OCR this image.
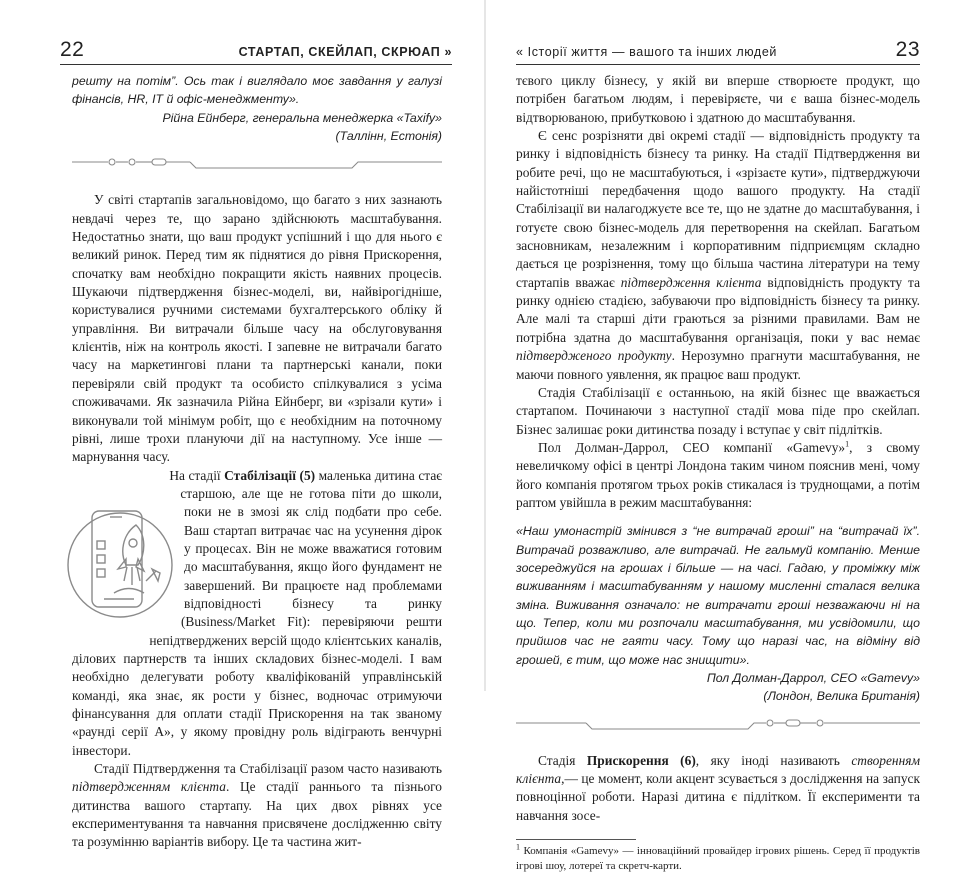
22	СТАРТАП, СКЕЙЛАП, СКРЮАП »

решту на потім”. Ось так і виглядало моє завдання у галузі фінансів, HR, IT й офіс-менеджменту».

Рійна Ейнберг, генеральна менеджерка «Taxify»

(Таллінн, Естонія)

У світі стартапів загальновідомо, що багато з них зазнають невдачі через те, що зарано здійснюють масштабування. Недостатньо знати, що ваш продукт успішний і що для нього є великий ринок. Перед тим як піднятися до рівня Прискорення, спочатку вам необхідно покращити якість наявних процесів. Шукаючи підтвердження бізнес-моделі, ви, найвірогідніше, користувалися ручними системами бухгалтерського обліку й управління. Ви витрачали більше часу на обслуговування клієнтів, ніж на контроль якості. І запевне не витрачали багато часу на маркетингові плани та партнерські канали, поки перевіряли свій продукт та особисто спілкувалися з усіма споживачами. Як зазначила Рійна Ейнберг, ви «зрізали кути» і виконували той мінімум робіт, що є необхідним на поточному рівні, лише трохи плануючи дії на наступному. Усе інше — марнування часу.

На стадії Стабілізації (5) маленька дитина стає старшою, але ще не готова піти до школи, поки не в змозі як слід подбати про себе. Ваш стартап витрачає час на усунення дірок у процесах. Він не може вважатися готовим до масштабування, якщо його фундамент не завершений. Ви працюєте над проблемами відповідності бізнесу та ринку (Business/Market Fit): перевіряючи решти непідтверджених версій щодо клієнтських каналів, ділових партнерств та інших складових бізнес-моделі. І вам необхідно делегувати роботу кваліфікованій управлінській команді, яка знає, як рости у бізнес, водночас отримуючи фінансування для оплати стадії Прискорення на так званому «раунді серії А», у якому провідну роль відіграють венчурні інвестори.

Стадії Підтвердження та Стабілізації разом часто називають підтвердженням клієнта. Це стадії раннього та пізнього дитинства вашого стартапу. На цих двох рівнях усе експериментування та навчання присвячене дослідженню світу та розумінню варіантів вибору. Це та частина жит-

« Історії життя — вашого та інших людей	23

тєвого циклу бізнесу, у якій ви вперше створюєте продукт, що потрібен багатьом людям, і перевіряєте, чи є ваша бізнес-модель відтворюваною, прибутковою і здатною до масштабування.

Є сенс розрізняти дві окремі стадії — відповідність продукту та ринку і відповідність бізнесу та ринку. На стадії Підтвердження ви робите речі, що не масштабуються, і «зрізаєте кути», підтверджуючи найістотніші передбачення щодо вашого продукту. На стадії Стабілізації ви налагоджуєте все те, що не здатне до масштабування, і готуєте свою бізнес-модель для перетворення на скейлап. Багатьом засновникам, незалежним і корпоративним підприємцям складно дається це розрізнення, тому що більша частина літератури на тему стартапів вважає підтвердження клієнта відповідність продукту та ринку однією стадією, забуваючи про відповідність бізнесу та ринку. Але малі та старші діти граються за різними правилами. Вам не потрібна здатна до масштабування організація, поки у вас немає підтвердженого продукту. Нерозумно прагнути масштабування, не маючи повного уявлення, як працює ваш продукт.

Стадія Стабілізації є останньою, на якій бізнес ще вважається стартапом. Починаючи з наступної стадії мова піде про скейлап. Бізнес залишає роки дитинства позаду і вступає у світ підлітків.

Пол Долман-Даррол, СЕО компанії «Gamevy»$^1$, з свому невеличкому офісі в центрі Лондона таким чином пояснив мені, чому його компанія протягом трьох років стикалася із труднощами, а потім раптом увійшла в режим масштабування:

«Наш умонастрій змінився з “не витрачай гроші” на “витрачай їх”. Витрачай розважливо, але витрачай. Не гальмуй компанію. Менше зосереджуйся на грошах і більше — на часі. Гадаю, у проміжку між виживанням і масштабуванням у нашому мисленні сталася велика зміна. Виживання означало: не витрачати гроші незважаючи ні на що. Тепер, коли ми розпочали масштабування, ми усвідомили, що прийшов час не гаяти часу. Тому що наразі час, на відміну від грошей, є тим, що може нас знищити».

Пол Долман-Даррол, СЕО «Gamevy»

(Лондон, Велика Британія)

Стадія Прискорення (6), яку іноді називають створенням клієнта,— це момент, коли акцент зсувається з дослідження на запуск повноцінної роботи. Наразі дитина є підлітком. Її експерименти та навчання зосе-

$^1$ Компанія «Gamevy» — інноваційний провайдер ігрових рішень. Серед її продуктів ігрові шоу, лотереї та скретч-карти.
